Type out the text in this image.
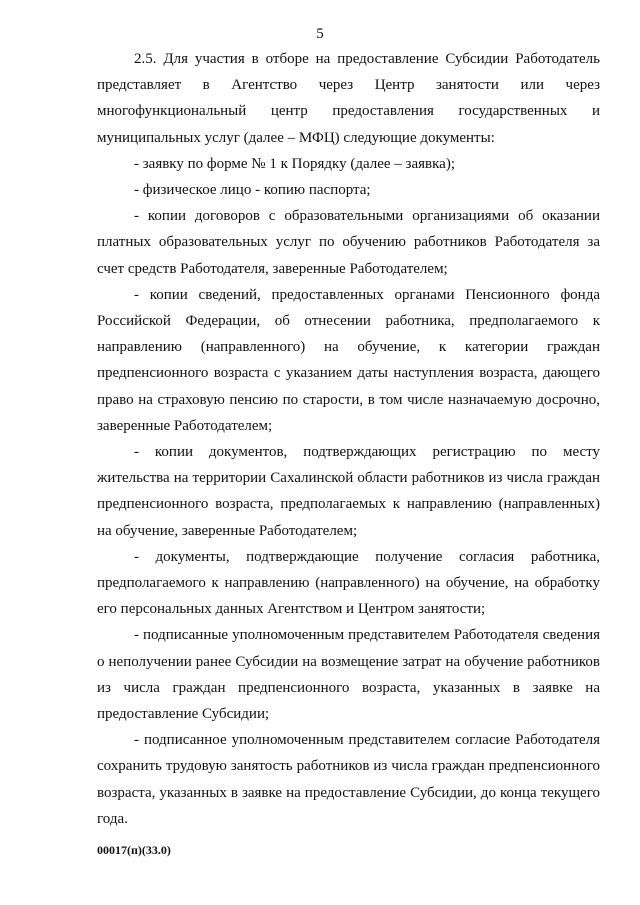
5

2.5. Для участия в отборе на предоставление Субсидии Работодатель представляет в Агентство через Центр занятости или через многофункциональный центр предоставления государственных и муниципальных услуг (далее – МФЦ) следующие документы:

- заявку по форме № 1 к Порядку (далее – заявка);

- физическое лицо - копию паспорта;

- копии договоров с образовательными организациями об оказании платных образовательных услуг по обучению работников Работодателя за счет средств Работодателя, заверенные Работодателем;

- копии сведений, предоставленных органами Пенсионного фонда Российской Федерации, об отнесении работника, предполагаемого к направлению (направленного) на обучение, к категории граждан предпенсионного возраста с указанием даты наступления возраста, дающего право на страховую пенсию по старости, в том числе назначаемую досрочно, заверенные Работодателем;

- копии документов, подтверждающих регистрацию по месту жительства на территории Сахалинской области работников из числа граждан предпенсионного возраста, предполагаемых к направлению (направленных) на обучение, заверенные Работодателем;

- документы, подтверждающие получение согласия работника, предполагаемого к направлению (направленного) на обучение, на обработку его персональных данных Агентством и Центром занятости;

- подписанные уполномоченным представителем Работодателя сведения о неполучении ранее Субсидии на возмещение затрат на обучение работников из числа граждан предпенсионного возраста, указанных в заявке на предоставление Субсидии;

- подписанное уполномоченным представителем согласие Работодателя сохранить трудовую занятость работников из числа граждан предпенсионного возраста, указанных в заявке на предоставление Субсидии, до конца текущего года.

00017(п)(33.0)
